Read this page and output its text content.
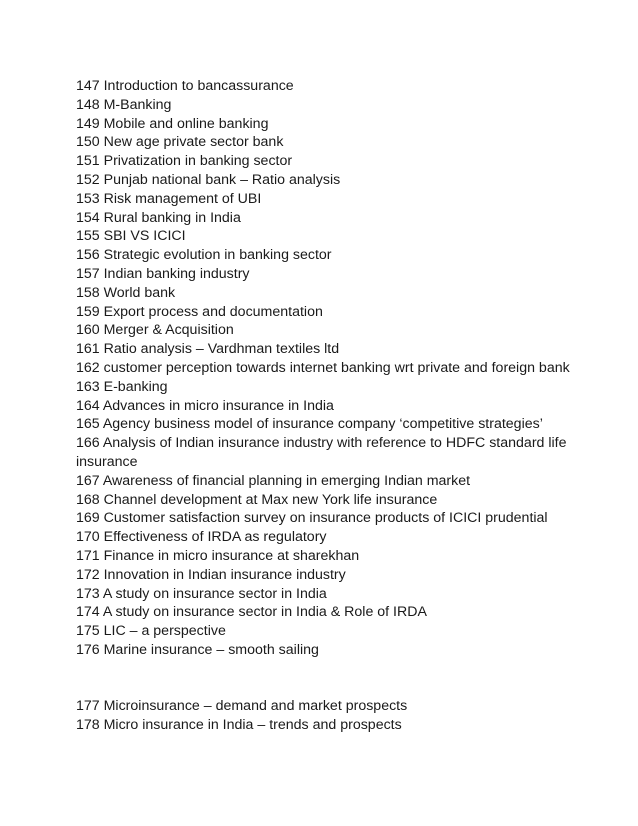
147 Introduction to bancassurance
148 M-Banking
149 Mobile and online banking
150 New age private sector bank
151 Privatization in banking sector
152 Punjab national bank – Ratio analysis
153 Risk management of UBI
154 Rural banking in India
155 SBI VS ICICI
156 Strategic evolution in banking sector
157 Indian banking industry
158 World bank
159 Export process and documentation
160 Merger & Acquisition
161 Ratio analysis – Vardhman textiles ltd
162 customer perception towards internet banking wrt private and foreign bank
163 E-banking
164 Advances in micro insurance in India
165 Agency business model of insurance company ‘competitive strategies’
166 Analysis of Indian insurance industry with reference to HDFC standard life insurance
167 Awareness of financial planning in emerging Indian market
168 Channel development at Max new York life insurance
169 Customer satisfaction survey on insurance products of ICICI prudential
170 Effectiveness of IRDA as regulatory
171 Finance in micro insurance at sharekhan
172 Innovation in Indian insurance industry
173 A study on insurance sector in India
174 A study on insurance sector in India & Role of IRDA
175 LIC – a perspective
176 Marine insurance – smooth sailing
177 Microinsurance – demand and market prospects
178 Micro insurance in India – trends and prospects
